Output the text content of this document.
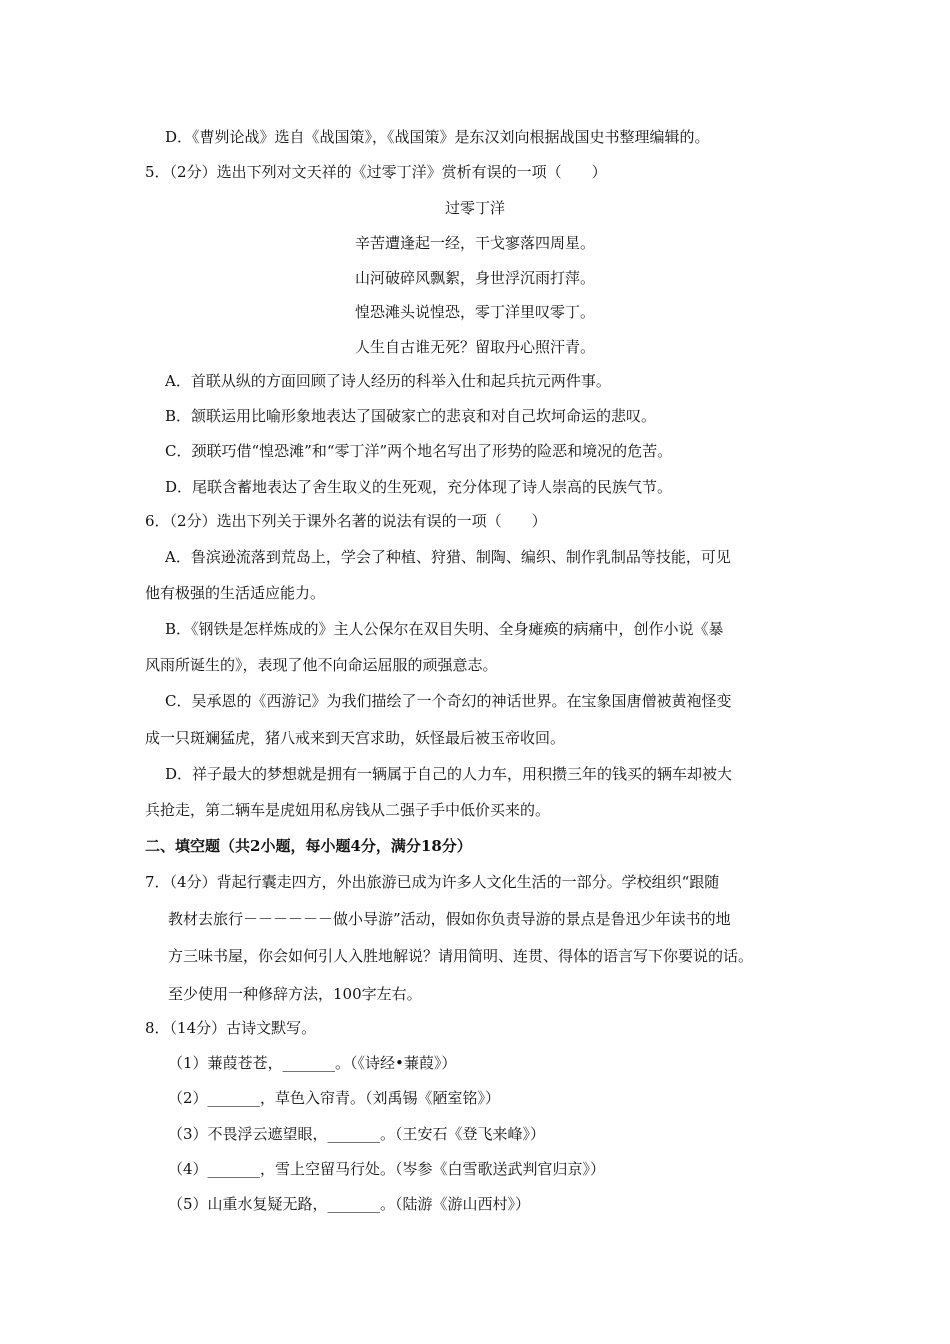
D．《曹刿论战》选自《战国策》，《战国策》是东汉刘向根据战国史书整理编辑的。
5．（2分）选出下列对文天祥的《过零丁洋》赏析有误的一项（　　）
过零丁洋
辛苦遭逢起一经，干戈寥落四周星。
山河破碎风飘絮，身世浮沉雨打萍。
惶恐滩头说惶恐，零丁洋里叹零丁。
人生自古谁无死？留取丹心照汗青。
A．首联从纵的方面回顾了诗人经历的科举入仕和起兵抗元两件事。
B．颔联运用比喻形象地表达了国破家亡的悲哀和对自己坎坷命运的悲叹。
C．颈联巧借“惶恐滩”和“零丁洋”两个地名写出了形势的险恶和境况的危苦。
D．尾联含蓄地表达了舍生取义的生死观，充分体现了诗人崇高的民族气节。
6．（2分）选出下列关于课外名著的说法有误的一项（　　）
A．鲁滨逊流落到荒岛上，学会了种植、狩猎、制陶、编织、制作乳制品等技能，可见
他有极强的生活适应能力。
B．《钢铁是怎样炼成的》主人公保尔在双目失明、全身瘫痪的病痛中，创作小说《暴
风雨所诞生的》，表现了他不向命运屈服的顽强意志。
C．吴承恩的《西游记》为我们描绘了一个奇幻的神话世界。在宝象国唐僧被黄袍怪变
成一只斑斓猛虎，猪八戒来到天宫求助，妖怪最后被玉帝收回。
D．祥子最大的梦想就是拥有一辆属于自己的人力车，用积攒三年的钱买的辆车却被大
兵抢走，第二辆车是虎妞用私房钱从二强子手中低价买来的。
二、填空题（共2小题，每小题4分，满分18分）
7．（4分）背起行囊走四方，外出旅游已成为许多人文化生活的一部分。学校组织“跟随
教材去旅行－－－－－－做小导游”活动，假如你负责导游的景点是鲁迅少年读书的地
方三味书屋，你会如何引人入胜地解说？请用简明、连贯、得体的语言写下你要说的话。
至少使用一种修辞方法，100字左右。
8．（14分）古诗文默写。
（1）蒹葭苍苍，_______。（《诗经•蒹葭》）
（2）_______，草色入帘青。（刘禹锡《陋室铭》）
（3）不畏浮云遮望眼，_______。（王安石《登飞来峰》）
（4）_______，雪上空留马行处。（岑参《白雪歌送武判官归京》）
（5）山重水复疑无路，_______。（陆游《游山西村》）
